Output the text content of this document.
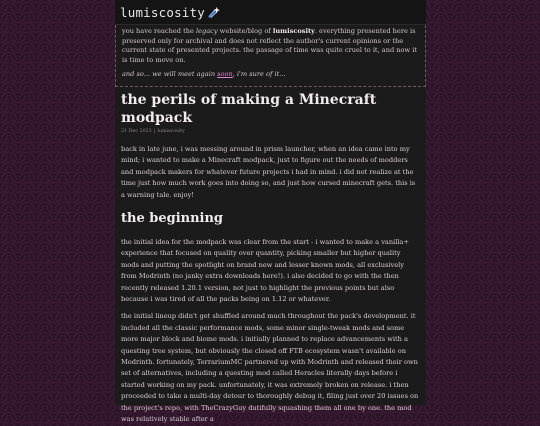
lumiscosity

you have reached the legacy website/blog of lumiscosity. everything presented here is preserved only for archival and does not reflect the author's current opinions or the current state of presented projects. the passage of time was quite cruel to it, and now it is time to move on.

and so... we will meet again soon, i'm sure of it...

the perils of making a Minecraft modpack
21 Dec 2023 | lumiscosity

back in late june, i was messing around in prism launcher, when an idea came into my mind; i wanted to make a Minecraft modpack, just to figure out the needs of modders and modpack makers for whatever future projects i had in mind. i did not realize at the time just how much work goes into doing so, and just how cursed minecraft gets. this is a warning tale. enjoy!

the beginning

the initial idea for the modpack was clear from the start - i wanted to make a vanilla+ experience that focused on quality over quantity, picking smaller but higher quality mods and putting the spotlight on brand new and lesser known mods, all exclusively from Modrinth (no janky extra downloads here!). i also decided to go with the then recently released 1.20.1 version, not just to highlight the previous points but also because i was tired of all the packs being on 1.12 or whatever.

the initial lineup didn't get shuffled around much throughout the pack's development. it included all the classic performance mods, some minor single-tweak mods and some more major block and biome mods. i initially planned to replace advancements with a questing tree system, but obviously the closed off FTB ecosystem wasn't available on Modrinth. fortunately, TerrariumMC partnered up with Modrinth and released their own set of alternatives, including a questing mod called Heracles literally days before i started working on my pack. unfortunately, it was extremely broken on release. i then proceeded to take a multi-day detour to thoroughly debug it, filing just over 20 issues on the project's repo, with TheCrazyGuy dutifully squashing them all one by one. the mod was relatively stable after a
